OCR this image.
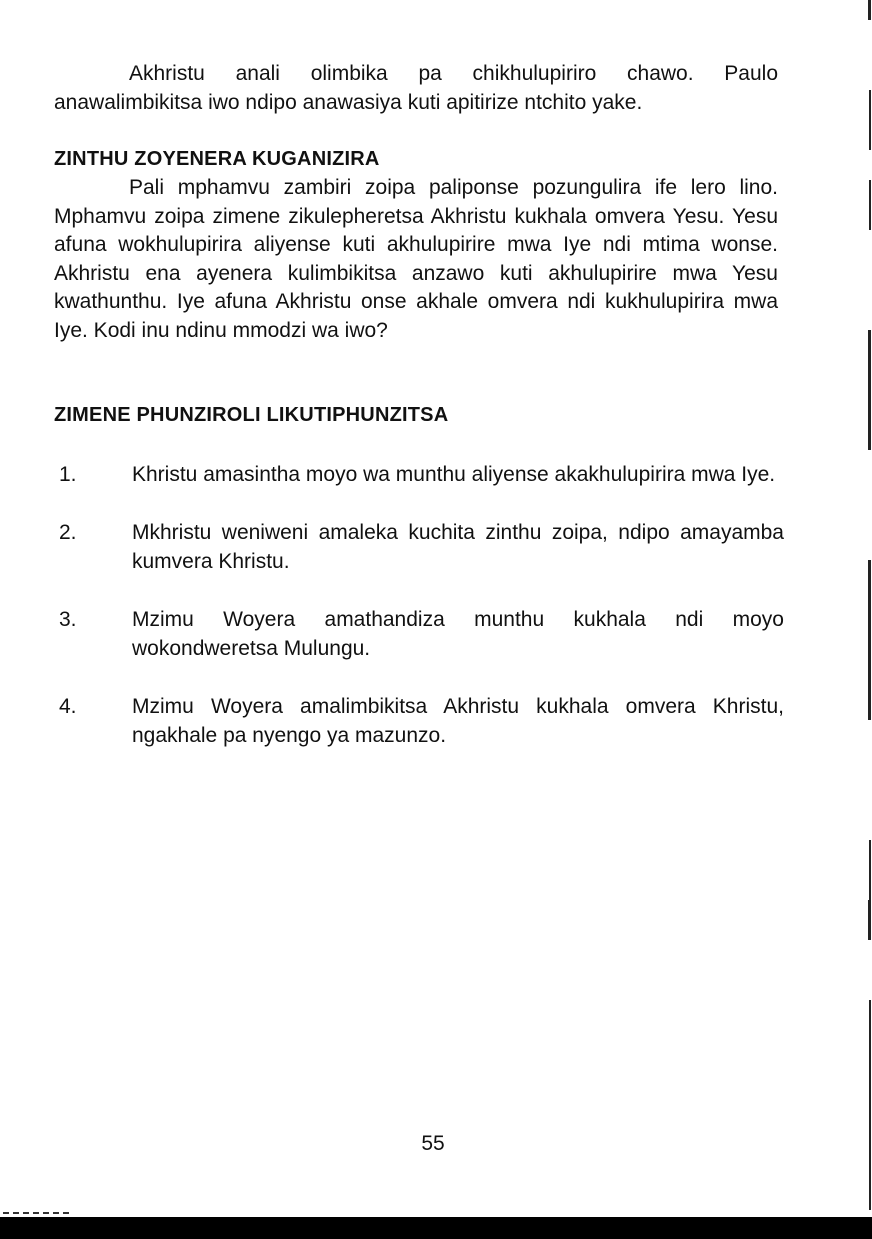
Akhristu anali olimbika pa chikhulupiriro chawo. Paulo anawalimbikitsa iwo ndipo anawasiya kuti apitirize ntchito yake.

ZINTHU ZOYENERA KUGANIZIRA

Pali mphamvu zambiri zoipa paliponse pozungulira ife lero lino. Mphamvu zoipa zimene zikulepheretsa Akhristu kukhala omvera Yesu. Yesu afuna wokhulupirira aliyense kuti akhulupirire mwa Iye ndi mtima wonse. Akhristu ena ayenera kulimbikitsa anzawo kuti akhulupirire mwa Yesu kwathunthu. Iye afuna Akhristu onse akhale omvera ndi kukhulupirira mwa Iye. Kodi inu ndinu mmodzi wa iwo?

ZIMENE PHUNZIROLI LIKUTIPHUNZITSA
1.	Khristu amasintha moyo wa munthu aliyense akakhulupirira mwa Iye.
2.	Mkhristu weniweni amaleka kuchita zinthu zoipa, ndipo amayamba kumvera Khristu.
3.	Mzimu Woyera amathandiza munthu kukhala ndi moyo wokondweretsa Mulungu.
4.	Mzimu Woyera amalimbikitsa Akhristu kukhala omvera Khristu, ngakhale pa nyengo ya mazunzo.
55
